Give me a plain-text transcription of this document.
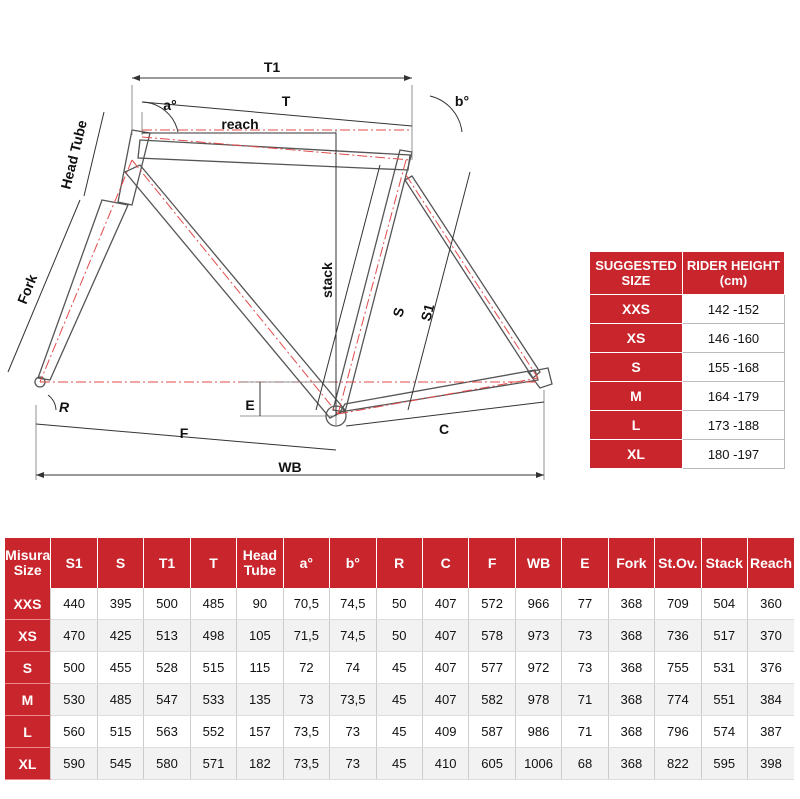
T1
T
reach
a°	b°
Head Tube
Fork	stack
S S1
E
R
F	C
WB
SUGGESTED
SIZE	RIDER HEIGHT
(cm)
XXS	142 -152
XS	146 -160
S	155 -168
M	164 -179
L	173 -188
XL	180 -197
Misura
Size	S1	S	T1	T	Head
Tube	a°	b°	R	C	F	WB	E	Fork	St.Ov.	Stack	Reach
XXS	440	395	500	485	90	70,5	74,5	50	407	572	966	77	368	709	504	360
XS	470	425	513	498	105	71,5	74,5	50	407	578	973	73	368	736	517	370
S	500	455	528	515	115	72	74	45	407	577	972	73	368	755	531	376
M	530	485	547	533	135	73	73,5	45	407	582	978	71	368	774	551	384
L	560	515	563	552	157	73,5	73	45	409	587	986	71	368	796	574	387
XL	590	545	580	571	182	73,5	73	45	410	605	1006	68	368	822	595	398
